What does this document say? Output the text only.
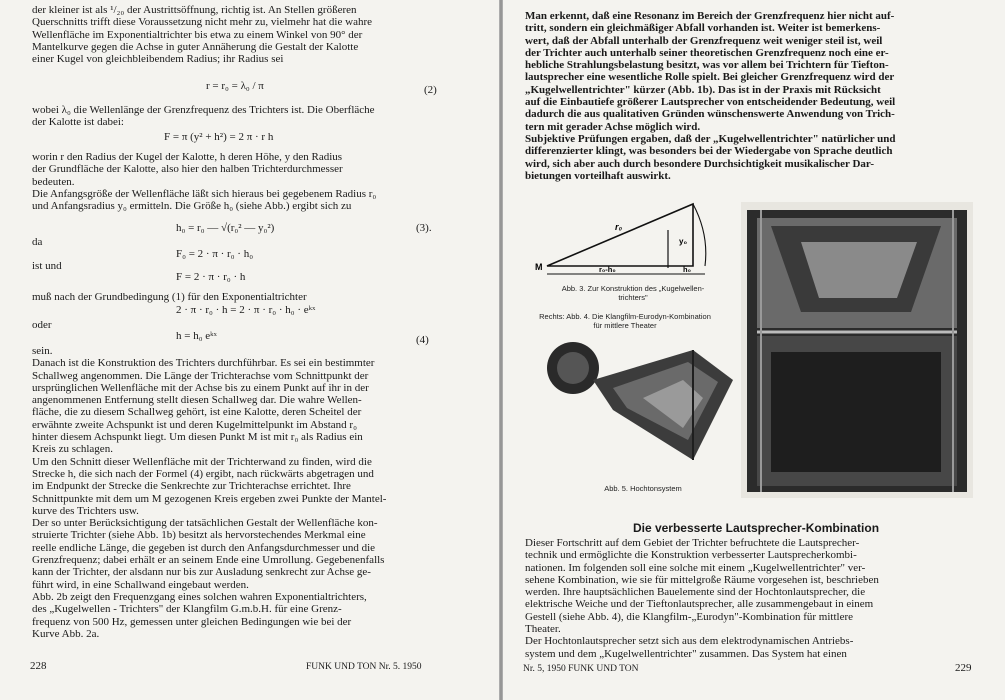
der kleiner ist als ¹/₂₀ der Austrittsöffnung, richtig ist. An Stellen größeren
Querschnitts trifft diese Voraussetzung nicht mehr zu, vielmehr hat die wahre
Wellenfläche im Exponentialtrichter bis etwa zu einem Winkel von 90° der
Mantelkurve gegen die Achse in guter Annäherung die Gestalt der Kalotte
einer Kugel von gleichbleibendem Radius; ihr Radius sei
r = r₀ = λ₀ / π	(2)
wobei λ₀ die Wellenlänge der Grenzfrequenz des Trichters ist. Die Oberfläche
der Kalotte ist dabei:
F = π (y² + h²) = 2 π · r h
worin r den Radius der Kugel der Kalotte, h deren Höhe, y den Radius
der Grundfläche der Kalotte, also hier den halben Trichterdurchmesser
bedeuten.
Die Anfangsgröße der Wellenfläche läßt sich hieraus bei gegebenem Radius r₀
und Anfangsradius y₀ ermitteln. Die Größe h₀ (siehe Abb.) ergibt sich zu
h₀ = r₀ — √(r₀² — y₀²)	(3).
da
F₀ = 2 · π · r₀ · h₀
ist und
F = 2 · π · r₀ · h
muß nach der Grundbedingung (1) für den Exponentialtrichter
2 · π · r₀ · h = 2 · π · r₀ · h₀ · eᵏˣ
oder
h = h₀ eᵏˣ	(4)
sein.
Danach ist die Konstruktion des Trichters durchführbar. Es sei ein bestimmter
Schallweg angenommen. Die Länge der Trichterachse vom Schnittpunkt der
ursprünglichen Wellenfläche mit der Achse bis zu einem Punkt auf ihr in der
angenommenen Entfernung stellt diesen Schallweg dar. Die wahre Wellen-
fläche, die zu diesem Schallweg gehört, ist eine Kalotte, deren Scheitel der
erwähnte zweite Achspunkt ist und deren Kugelmittelpunkt im Abstand r₀
hinter diesem Achspunkt liegt. Um diesen Punkt M ist mit r₀ als Radius ein
Kreis zu schlagen.
Um den Schnitt dieser Wellenfläche mit der Trichterwand zu finden, wird die
Strecke h, die sich nach der Formel (4) ergibt, nach rückwärts abgetragen und
im Endpunkt der Strecke die Senkrechte zur Trichterachse errichtet. Ihre
Schnittpunkte mit dem um M gezogenen Kreis ergeben zwei Punkte der Mantel-
kurve des Trichters usw.
Der so unter Berücksichtigung der tatsächlichen Gestalt der Wellenfläche kon-
struierte Trichter (siehe Abb. 1b) besitzt als hervorstechendes Merkmal eine
reelle endliche Länge, die gegeben ist durch den Anfangsdurchmesser und die
Grenzfrequenz; dabei erhält er an seinem Ende eine Umrollung. Gegebenenfalls
kann der Trichter, der alsdann nur bis zur Ausladung senkrecht zur Achse ge-
führt wird, in eine Schallwand eingebaut werden.
Abb. 2b zeigt den Frequenzgang eines solchen wahren Exponentialtrichters,
des „Kugelwellen - Trichters" der Klangfilm G.m.b.H. für eine Grenz-
frequenz von 500 Hz, gemessen unter gleichen Bedingungen wie bei der
Kurve Abb. 2a.
228	FUNK UND TON Nr. 5. 1950
Man erkennt, daß eine Resonanz im Bereich der Grenzfrequenz hier nicht auf-
tritt, sondern ein gleichmäßiger Abfall vorhanden ist. Weiter ist bemerkens-
wert, daß der Abfall unterhalb der Grenzfrequenz weit weniger steil ist, weil
der Trichter auch unterhalb seiner theoretischen Grenzfrequenz noch eine er-
hebliche Strahlungsbelastung besitzt, was vor allem bei Trichtern für Tiefton-
lautsprecher eine wesentliche Rolle spielt. Bei gleicher Grenzfrequenz wird der
„Kugelwellentrichter" kürzer (Abb. 1b). Das ist in der Praxis mit Rücksicht
auf die Einbautiefe größerer Lautsprecher von entscheidender Bedeutung, weil
dadurch die aus qualitativen Gründen wünschenswerte Anwendung von Trich-
tern mit gerader Achse möglich wird.
Subjektive Prüfungen ergaben, daß der „Kugelwellentrichter" natürlicher und
differenzierter klingt, was besonders bei der Wiedergabe von Sprache deutlich
wird, sich aber auch durch besondere Durchsichtigkeit musikalischer Dar-
bietungen vorteilhaft auswirkt.
r₀
y₀
M	r₀-h₀	h₀
Abb. 3. Zur Konstruktion des „Kugelwellen-
trichters"
Rechts: Abb. 4. Die Klangfilm-Eurodyn-Kombination
für mittlere Theater
Abb. 5. Hochtonsystem
Die verbesserte Lautsprecher-Kombination
Dieser Fortschritt auf dem Gebiet der Trichter befruchtete die Lautsprecher-
technik und ermöglichte die Konstruktion verbesserter Lautsprecherkombi-
nationen. Im folgenden soll eine solche mit einem „Kugelwellentrichter" ver-
sehene Kombination, wie sie für mittelgroße Räume vorgesehen ist, beschrieben
werden. Ihre hauptsächlichen Bauelemente sind der Hochtonlautsprecher, die
elektrische Weiche und der Tieftonlautsprecher, alle zusammengebaut in einem
Gestell (siehe Abb. 4), die Klangfilm-„Eurodyn"-Kombination für mittlere
Theater.
Der Hochtonlautsprecher setzt sich aus dem elektrodynamischen Antriebs-
system und dem „Kugelwellentrichter" zusammen. Das System hat einen
Nr. 5, 1950 FUNK UND TON	229
